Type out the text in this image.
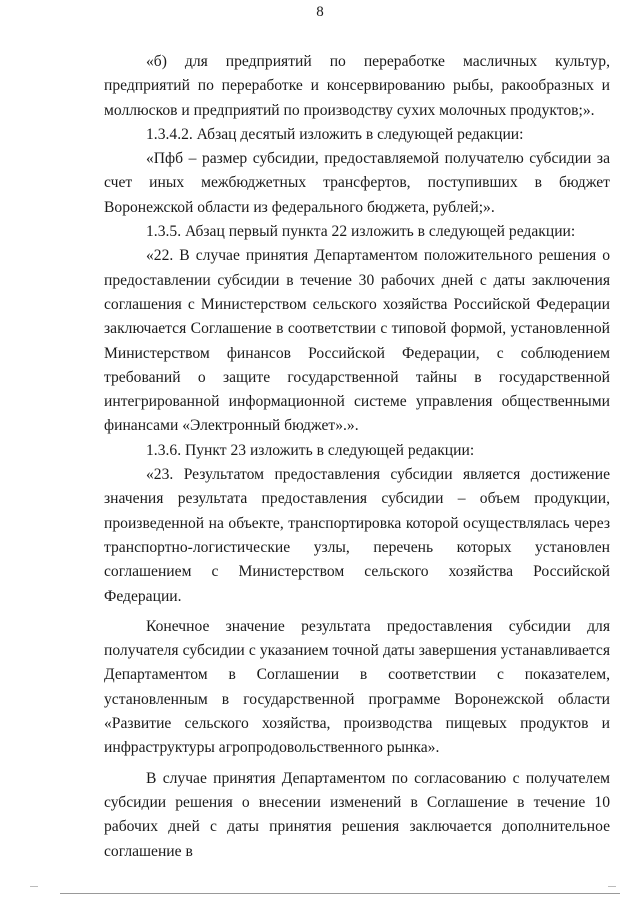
8

«б) для предприятий по переработке масличных культур, предприятий по переработке и консервированию рыбы, ракообразных и моллюсков и предприятий по производству сухих молочных продуктов;».

1.3.4.2. Абзац десятый изложить в следующей редакции:

«Пфб – размер субсидии, предоставляемой получателю субсидии за счет иных межбюджетных трансфертов, поступивших в бюджет Воронежской области из федерального бюджета, рублей;».

1.3.5. Абзац первый пункта 22 изложить в следующей редакции:

«22. В случае принятия Департаментом положительного решения о предоставлении субсидии в течение 30 рабочих дней с даты заключения соглашения с Министерством сельского хозяйства Российской Федерации заключается Соглашение в соответствии с типовой формой, установленной Министерством финансов Российской Федерации, с соблюдением требований о защите государственной тайны в государственной интегрированной информационной системе управления общественными финансами «Электронный бюджет».».

1.3.6. Пункт 23 изложить в следующей редакции:

«23. Результатом предоставления субсидии является достижение значения результата предоставления субсидии – объем продукции, произведенной на объекте, транспортировка которой осуществлялась через транспортно-логистические узлы, перечень которых установлен соглашением с Министерством сельского хозяйства Российской Федерации.

Конечное значение результата предоставления субсидии для получателя субсидии с указанием точной даты завершения устанавливается Департаментом в Соглашении в соответствии с показателем, установленным в государственной программе Воронежской области «Развитие сельского хозяйства, производства пищевых продуктов и инфраструктуры агропродовольственного рынка».

В случае принятия Департаментом по согласованию с получателем субсидии решения о внесении изменений в Соглашение в течение 10 рабочих дней с даты принятия решения заключается дополнительное соглашение в
